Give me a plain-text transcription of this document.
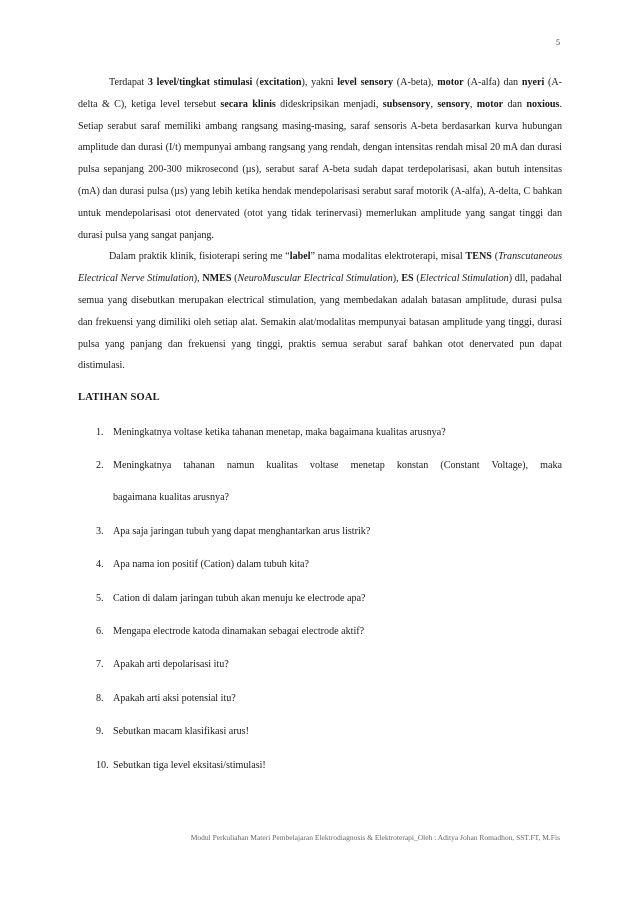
5

Terdapat 3 level/tingkat stimulasi (excitation), yakni level sensory (A-beta), motor (A-alfa) dan nyeri (A-delta & C), ketiga level tersebut secara klinis dideskripsikan menjadi, subsensory, sensory, motor dan noxious. Setiap serabut saraf memiliki ambang rangsang masing-masing, saraf sensoris A-beta berdasarkan kurva hubungan amplitude dan durasi (I/t) mempunyai ambang rangsang yang rendah, dengan intensitas rendah misal 20 mA dan durasi pulsa sepanjang 200-300 mikrosecond (µs), serabut saraf A-beta sudah dapat terdepolarisasi, akan butuh intensitas (mA) dan durasi pulsa (µs) yang lebih ketika hendak mendepolarisasi serabut saraf motorik (A-alfa), A-delta, C bahkan untuk mendepolarisasi otot denervated (otot yang tidak terinervasi) memerlukan amplitude yang sangat tinggi dan durasi pulsa yang sangat panjang.

Dalam praktik klinik, fisioterapi sering me “label” nama modalitas elektroterapi, misal TENS (Transcutaneous Electrical Nerve Stimulation), NMES (NeuroMuscular Electrical Stimulation), ES (Electrical Stimulation) dll, padahal semua yang disebutkan merupakan electrical stimulation, yang membedakan adalah batasan amplitude, durasi pulsa dan frekuensi yang dimiliki oleh setiap alat. Semakin alat/modalitas mempunyai batasan amplitude yang tinggi, durasi pulsa yang panjang dan frekuensi yang tinggi, praktis semua serabut saraf bahkan otot denervated pun dapat distimulasi.

LATIHAN SOAL
1. Meningkatnya voltase ketika tahanan menetap, maka bagaimana kualitas arusnya?
2. Meningkatnya tahanan namun kualitas voltase menetap konstan (Constant Voltage), maka
bagaimana kualitas arusnya?
3. Apa saja jaringan tubuh yang dapat menghantarkan arus listrik?
4. Apa nama ion positif (Cation) dalam tubuh kita?
5. Cation di dalam jaringan tubuh akan menuju ke electrode apa?
6. Mengapa electrode katoda dinamakan sebagai electrode aktif?
7. Apakah arti depolarisasi itu?
8. Apakah arti aksi potensial itu?
9. Sebutkan macam klasifikasi arus!
10. Sebutkan tiga level eksitasi/stimulasi!
Modul Perkuliahan Materi Pembelajaran Elektrodiagnosis & Elektroterapi_Oleh : Aditya Johan Romadhon, SST.FT, M.Fis
